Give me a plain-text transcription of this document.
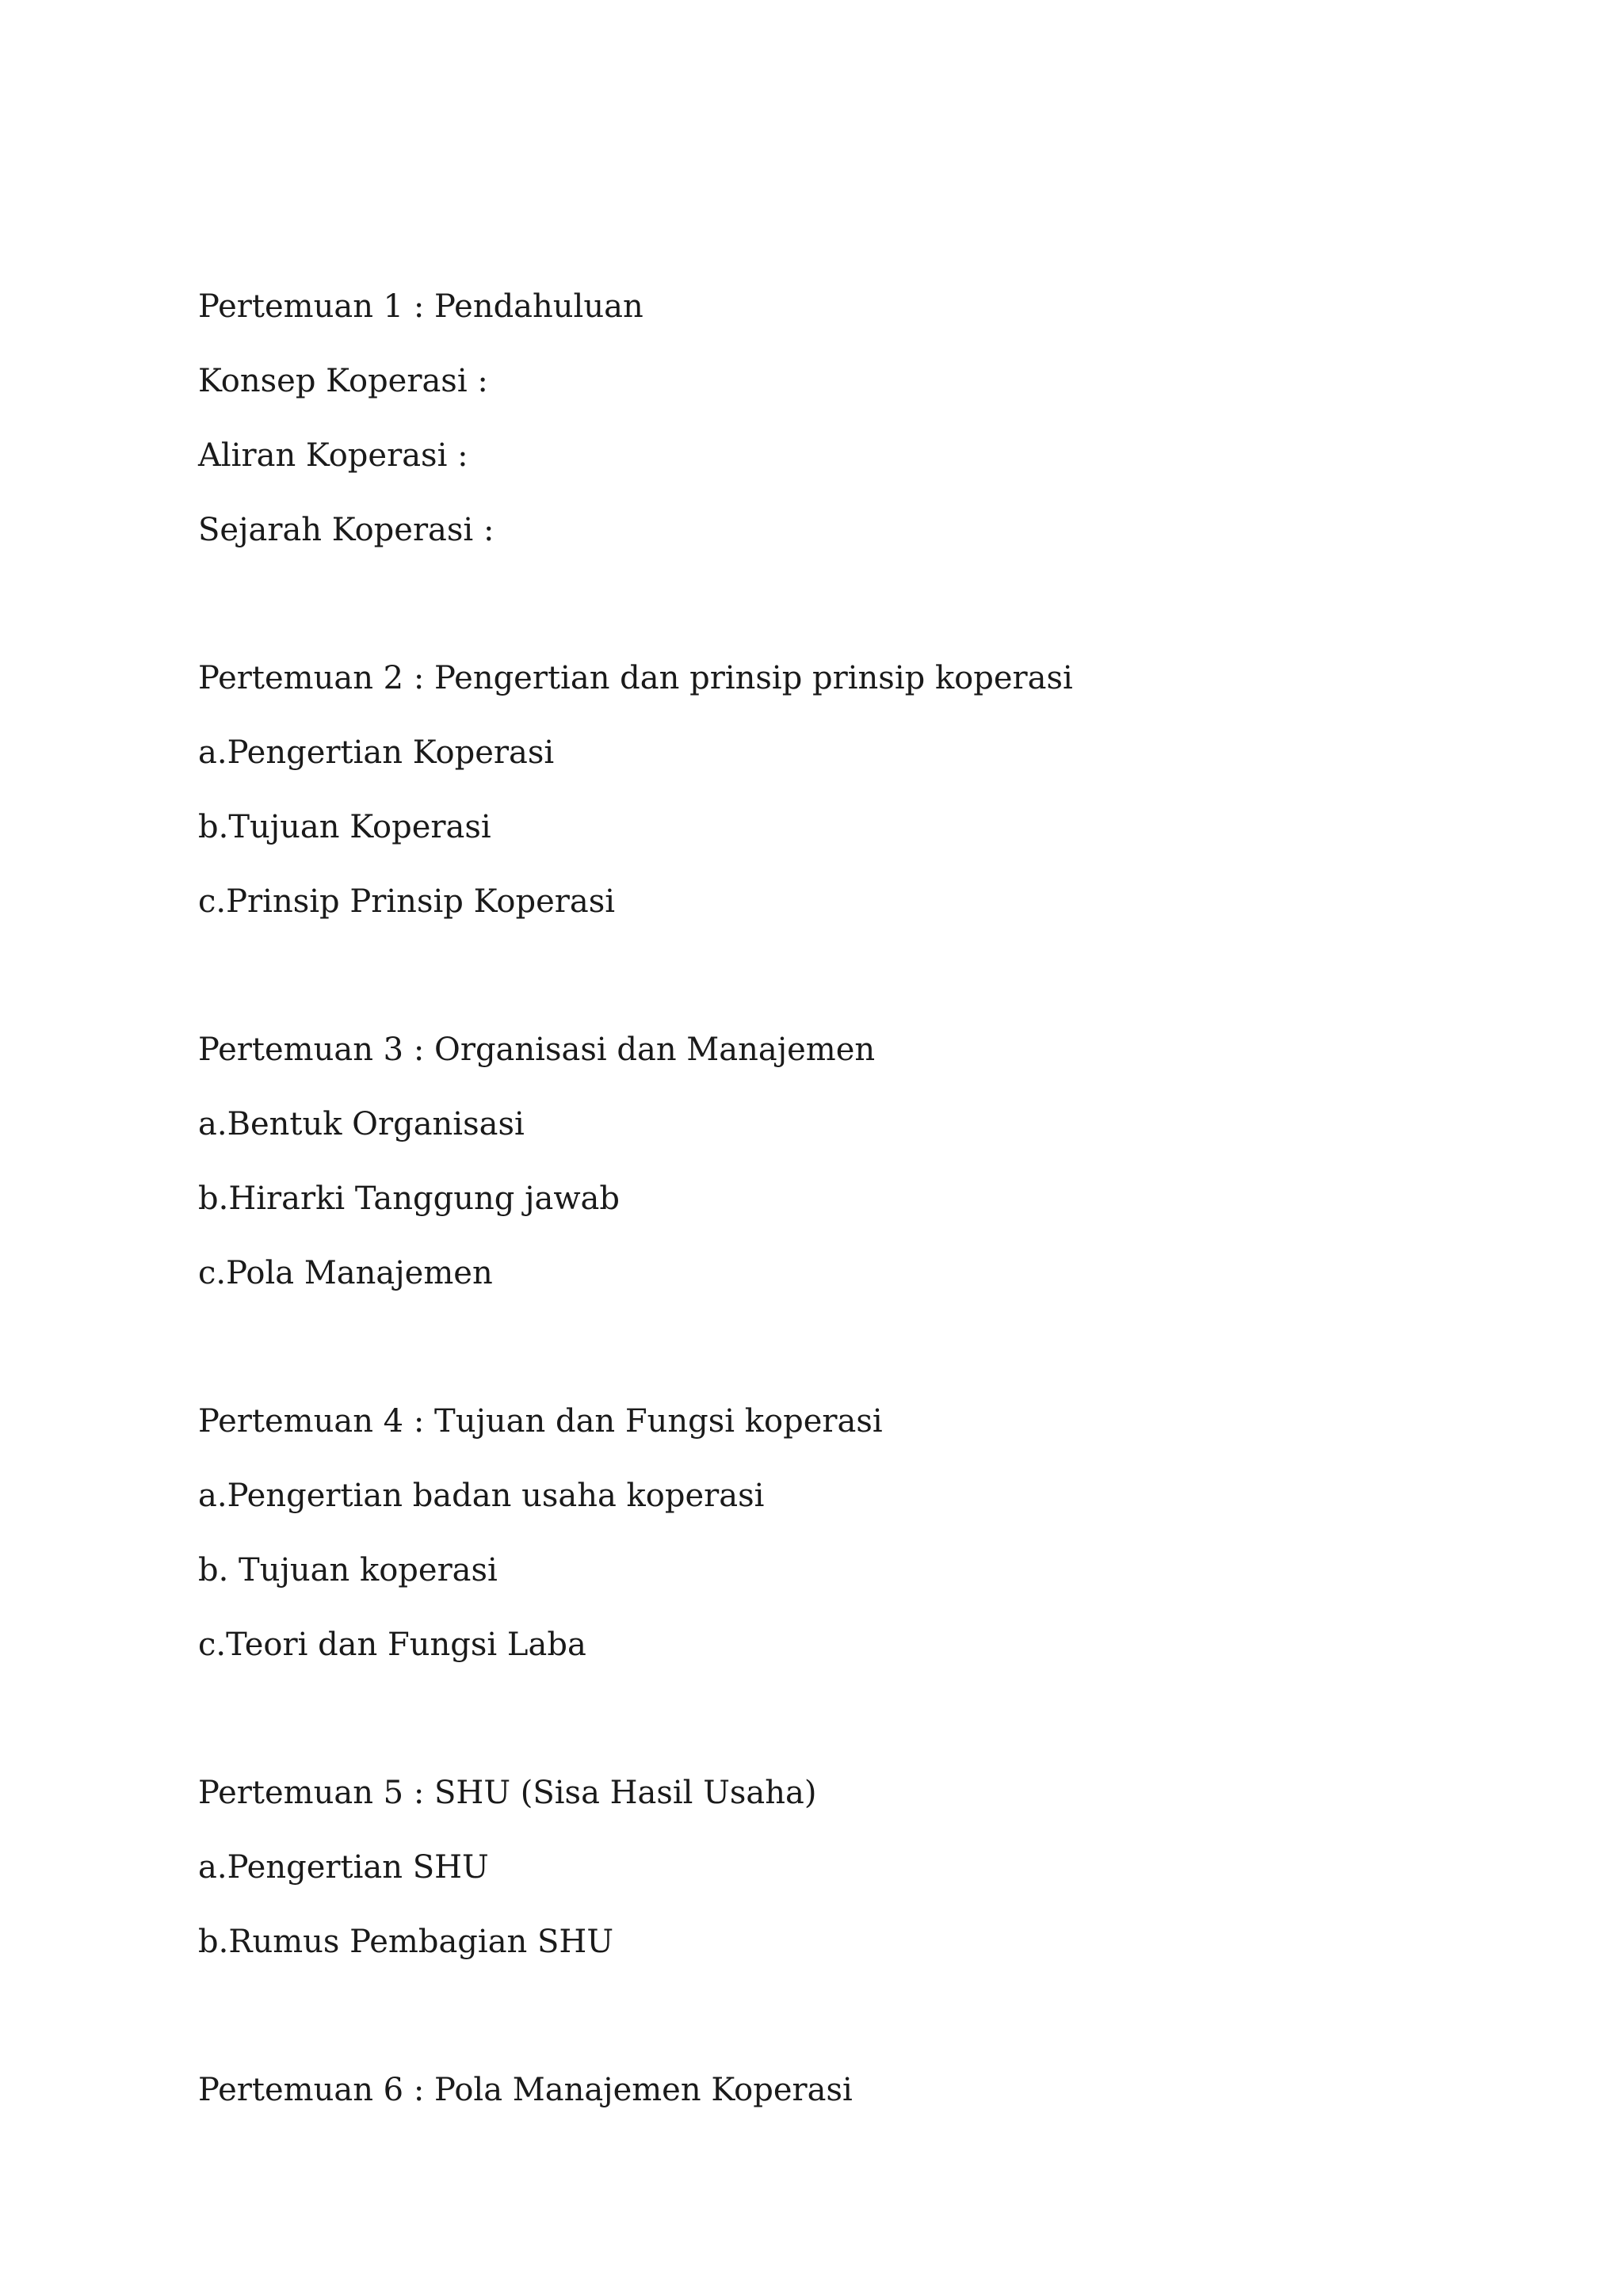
Pertemuan 1 : Pendahuluan

Konsep Koperasi :

Aliran Koperasi :

Sejarah Koperasi :

Pertemuan 2 : Pengertian dan prinsip prinsip koperasi

a.Pengertian Koperasi

b.Tujuan Koperasi

c.Prinsip Prinsip Koperasi

Pertemuan 3 : Organisasi dan Manajemen

a.Bentuk Organisasi

b.Hirarki Tanggung jawab

c.Pola Manajemen

Pertemuan 4 : Tujuan dan Fungsi koperasi

a.Pengertian badan usaha koperasi

b. Tujuan koperasi

c.Teori dan Fungsi Laba

Pertemuan 5 : SHU (Sisa Hasil Usaha)

a.Pengertian SHU

b.Rumus Pembagian SHU

Pertemuan 6 : Pola Manajemen Koperasi
